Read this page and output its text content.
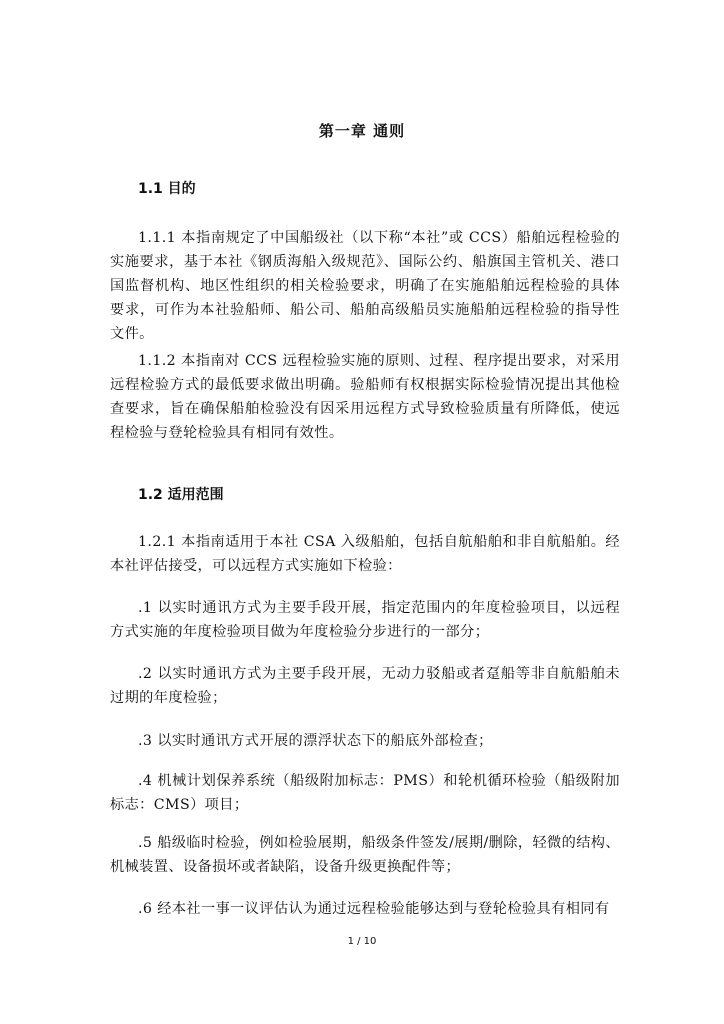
第一章 通则
1.1 目的
1.1.1 本指南规定了中国船级社（以下称“本社”或 CCS）船舶远程检验的实施要求，基于本社《钢质海船入级规范》、国际公约、船旗国主管机关、港口国监督机构、地区性组织的相关检验要求，明确了在实施船舶远程检验的具体要求，可作为本社验船师、船公司、船舶高级船员实施船舶远程检验的指导性文件。
1.1.2 本指南对 CCS 远程检验实施的原则、过程、程序提出要求，对采用远程检验方式的最低要求做出明确。验船师有权根据实际检验情况提出其他检查要求，旨在确保船舶检验没有因采用远程方式导致检验质量有所降低，使远程检验与登轮检验具有相同有效性。
1.2 适用范围
1.2.1 本指南适用于本社 CSA 入级船舶，包括自航船舶和非自航船舶。经本社评估接受，可以远程方式实施如下检验：
.1 以实时通讯方式为主要手段开展，指定范围内的年度检验项目，以远程方式实施的年度检验项目做为年度检验分步进行的一部分；
.2 以实时通讯方式为主要手段开展，无动力驳船或者趸船等非自航船舶未过期的年度检验；
.3 以实时通讯方式开展的漂浮状态下的船底外部检查；
.4 机械计划保养系统（船级附加标志：PMS）和轮机循环检验（船级附加标志：CMS）项目；
.5 船级临时检验，例如检验展期，船级条件签发/展期/删除，轻微的结构、机械装置、设备损坏或者缺陷，设备升级更换配件等；
.6 经本社一事一议评估认为通过远程检验能够达到与登轮检验具有相同有
1 / 10
